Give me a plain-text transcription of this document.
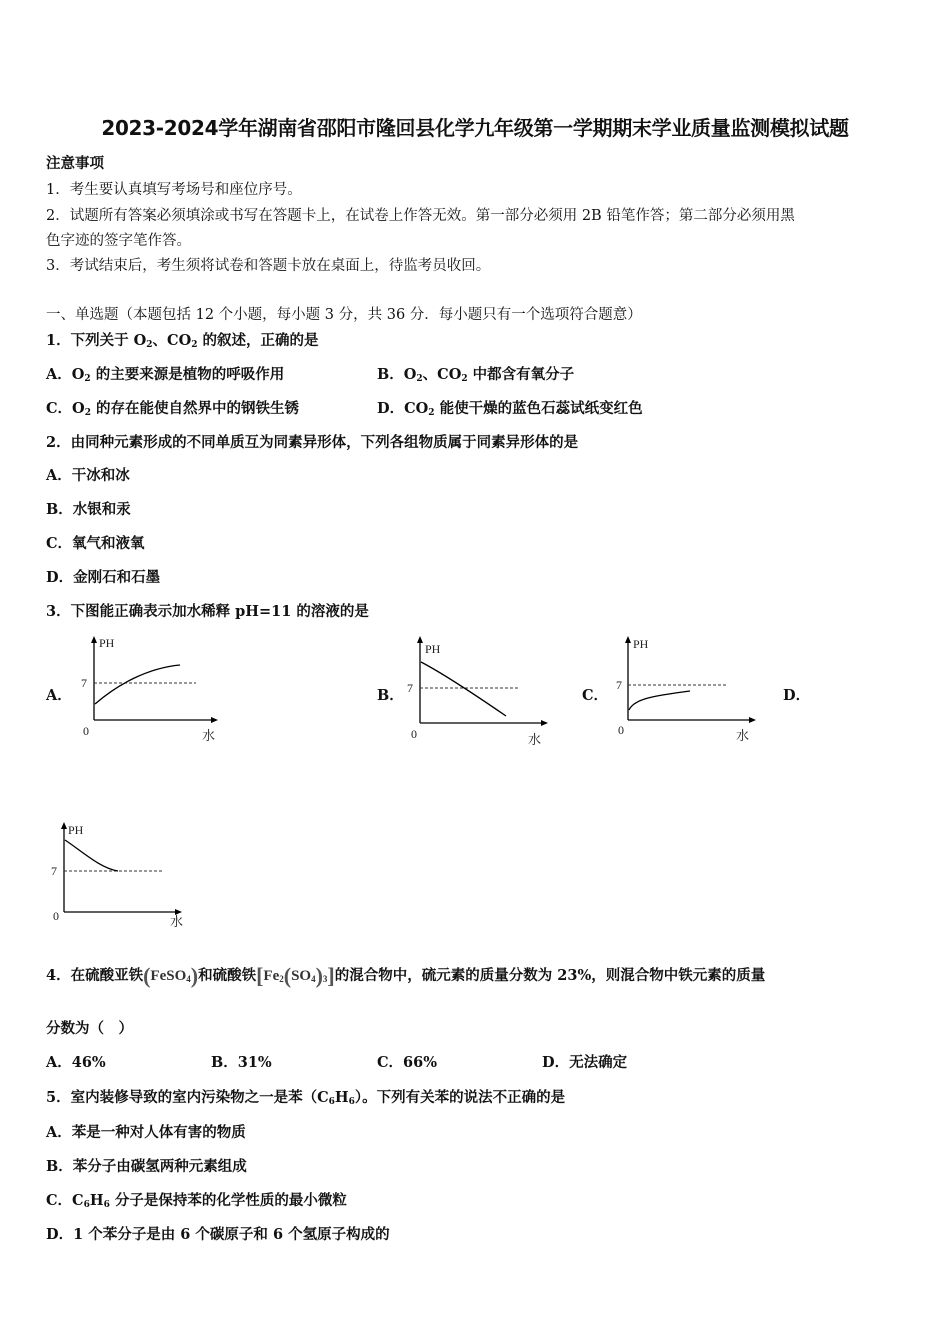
2023-2024学年湖南省邵阳市隆回县化学九年级第一学期期末学业质量监测模拟试题
注意事项
1．考生要认真填写考场号和座位序号。
2．试题所有答案必须填涂或书写在答题卡上，在试卷上作答无效。第一部分必须用 2B 铅笔作答；第二部分必须用黑
色字迹的签字笔作答。
3．考试结束后，考生须将试卷和答题卡放在桌面上，待监考员收回。
一、单选题（本题包括 12 个小题，每小题 3 分，共 36 分．每小题只有一个选项符合题意）
1．下列关于 $O_2$、$CO_2$ 的叙述，正确的是
A．$O_2$ 的主要来源是植物的呼吸作用	B．$O_2$、$CO_2$ 中都含有氧分子
C．$O_2$ 的存在能使自然界中的钢铁生锈	D．$CO_2$ 能使干燥的蓝色石蕊试纸变红色
2．由同种元素形成的不同单质互为同素异形体，下列各组物质属于同素异形体的是
A．干冰和冰
B．水银和汞
C．氧气和液氧
D．金刚石和石墨
3．下图能正确表示加水稀释 pH=11 的溶液的是
A．
PH
7
0	水
B．
PH
7
0	水
C．
PH
7
0	水
D．
PH
7
0	水
4．在硫酸亚铁(FeSO$_4$)和硫酸铁$[Fe_2(SO_4)_3]$的混合物中，硫元素的质量分数为 23%，则混合物中铁元素的质量
分数为（　）
A．46%	B．31%	C．66%	D．无法确定
5．室内装修导致的室内污染物之一是苯$(C_6H_6)$。下列有关苯的说法不正确的是
A．苯是一种对人体有害的物质
B．苯分子由碳氢两种元素组成
C．$C_6H_6$ 分子是保持苯的化学性质的最小微粒
D．1 个苯分子是由 6 个碳原子和 6 个氢原子构成的
